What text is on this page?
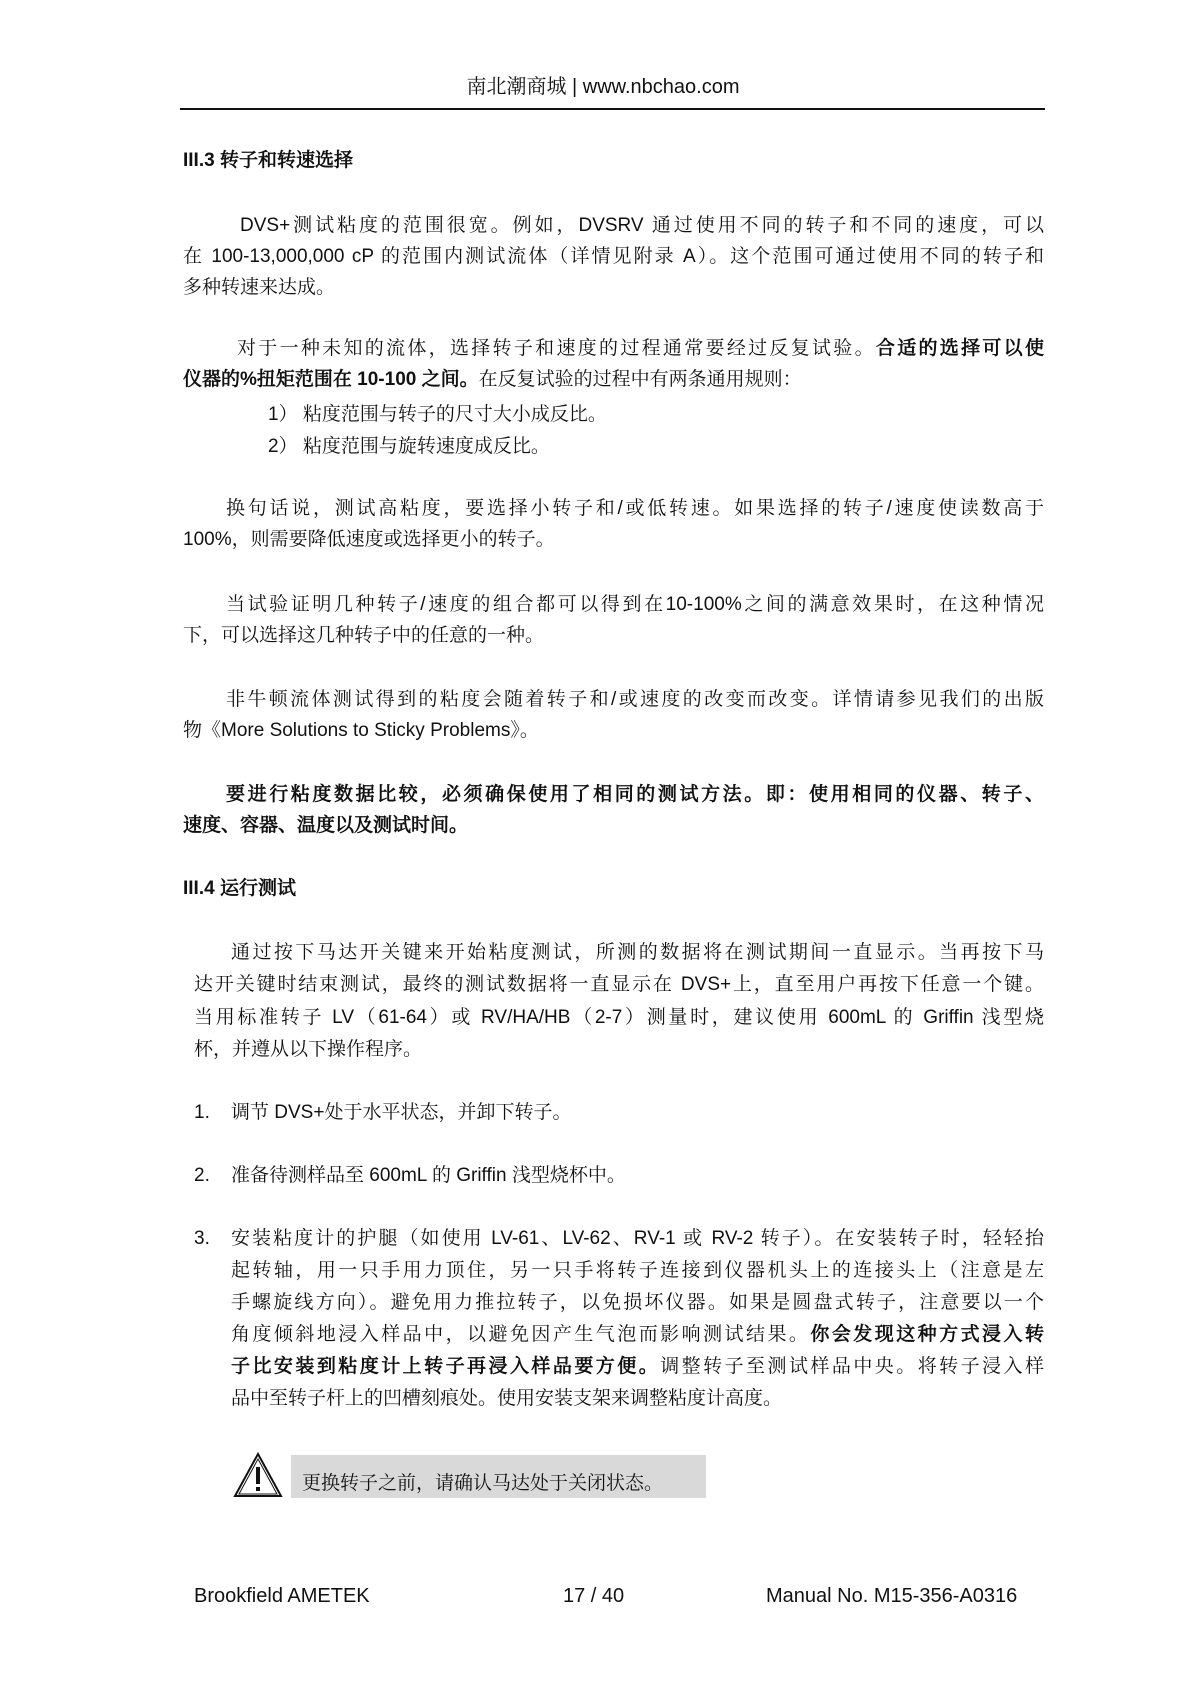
南北潮商城 | www.nbchao.com
III.3 转子和转速选择
DVS+测试粘度的范围很宽。例如，DVSRV 通过使用不同的转子和不同的速度，可以
在 100-13,000,000 cP 的范围内测试流体（详情见附录 A）。这个范围可通过使用不同的转子和
多种转速来达成。
对于一种未知的流体，选择转子和速度的过程通常要经过反复试验。合适的选择可以使
仪器的%扭矩范围在 10-100 之间。在反复试验的过程中有两条通用规则：
1） 粘度范围与转子的尺寸大小成反比。
2） 粘度范围与旋转速度成反比。
换句话说，测试高粘度，要选择小转子和/或低转速。如果选择的转子/速度使读数高于
100%，则需要降低速度或选择更小的转子。
当试验证明几种转子/速度的组合都可以得到在10-100%之间的满意效果时，在这种情况
下，可以选择这几种转子中的任意的一种。
非牛顿流体测试得到的粘度会随着转子和/或速度的改变而改变。详情请参见我们的出版
物《More Solutions to Sticky Problems》。
要进行粘度数据比较，必须确保使用了相同的测试方法。即：使用相同的仪器、转子、
速度、容器、温度以及测试时间。
III.4 运行测试
通过按下马达开关键来开始粘度测试，所测的数据将在测试期间一直显示。当再按下马
达开关键时结束测试，最终的测试数据将一直显示在 DVS+上，直至用户再按下任意一个键。
当用标准转子 LV（61-64）或 RV/HA/HB（2-7）测量时，建议使用 600mL 的 Griffin 浅型烧
杯，并遵从以下操作程序。
1. 调节 DVS+处于水平状态，并卸下转子。
2. 准备待测样品至 600mL 的 Griffin 浅型烧杯中。
3. 安装粘度计的护腿（如使用 LV-61、LV-62、RV-1 或 RV-2 转子）。在安装转子时，轻轻抬
起转轴，用一只手用力顶住，另一只手将转子连接到仪器机头上的连接头上（注意是左
手螺旋线方向）。避免用力推拉转子，以免损坏仪器。如果是圆盘式转子，注意要以一个
角度倾斜地浸入样品中，以避免因产生气泡而影响测试结果。你会发现这种方式浸入转
子比安装到粘度计上转子再浸入样品要方便。调整转子至测试样品中央。将转子浸入样
品中至转子杆上的凹槽刻痕处。使用安装支架来调整粘度计高度。
更换转子之前，请确认马达处于关闭状态。
Brookfield AMETEK	17 / 40	Manual No. M15-356-A0316
